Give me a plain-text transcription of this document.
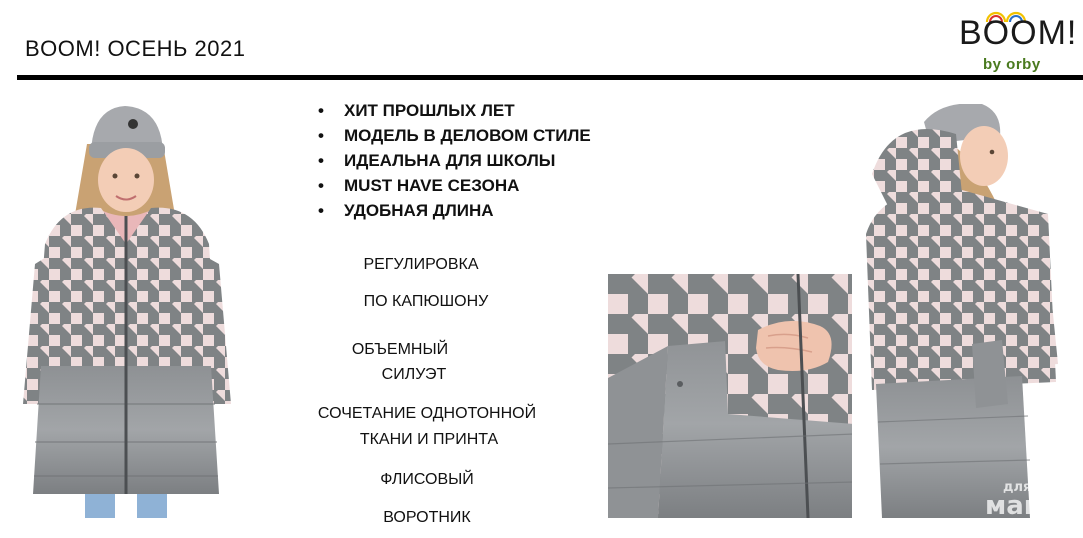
BOOM! ОСЕНЬ 2021	BOOM!
by orby
• ХИТ ПРОШЛЫХ ЛЕТ
• МОДЕЛЬ В ДЕЛОВОМ СТИЛЕ
• ИДЕАЛЬНА ДЛЯ ШКОЛЫ
• MUST HAVE СЕЗОНА
• УДОБНАЯ ДЛИНА
РЕГУЛИРОВКА
ПО КАПЮШОНУ
ОБЪЕМНЫЙ
СИЛУЭТ
СОЧЕТАНИЕ ОДНОТОННОЙ
ТКАНИ И ПРИНТА
ФЛИСОВЫЙ
ВОРОТНИК
для
мам
